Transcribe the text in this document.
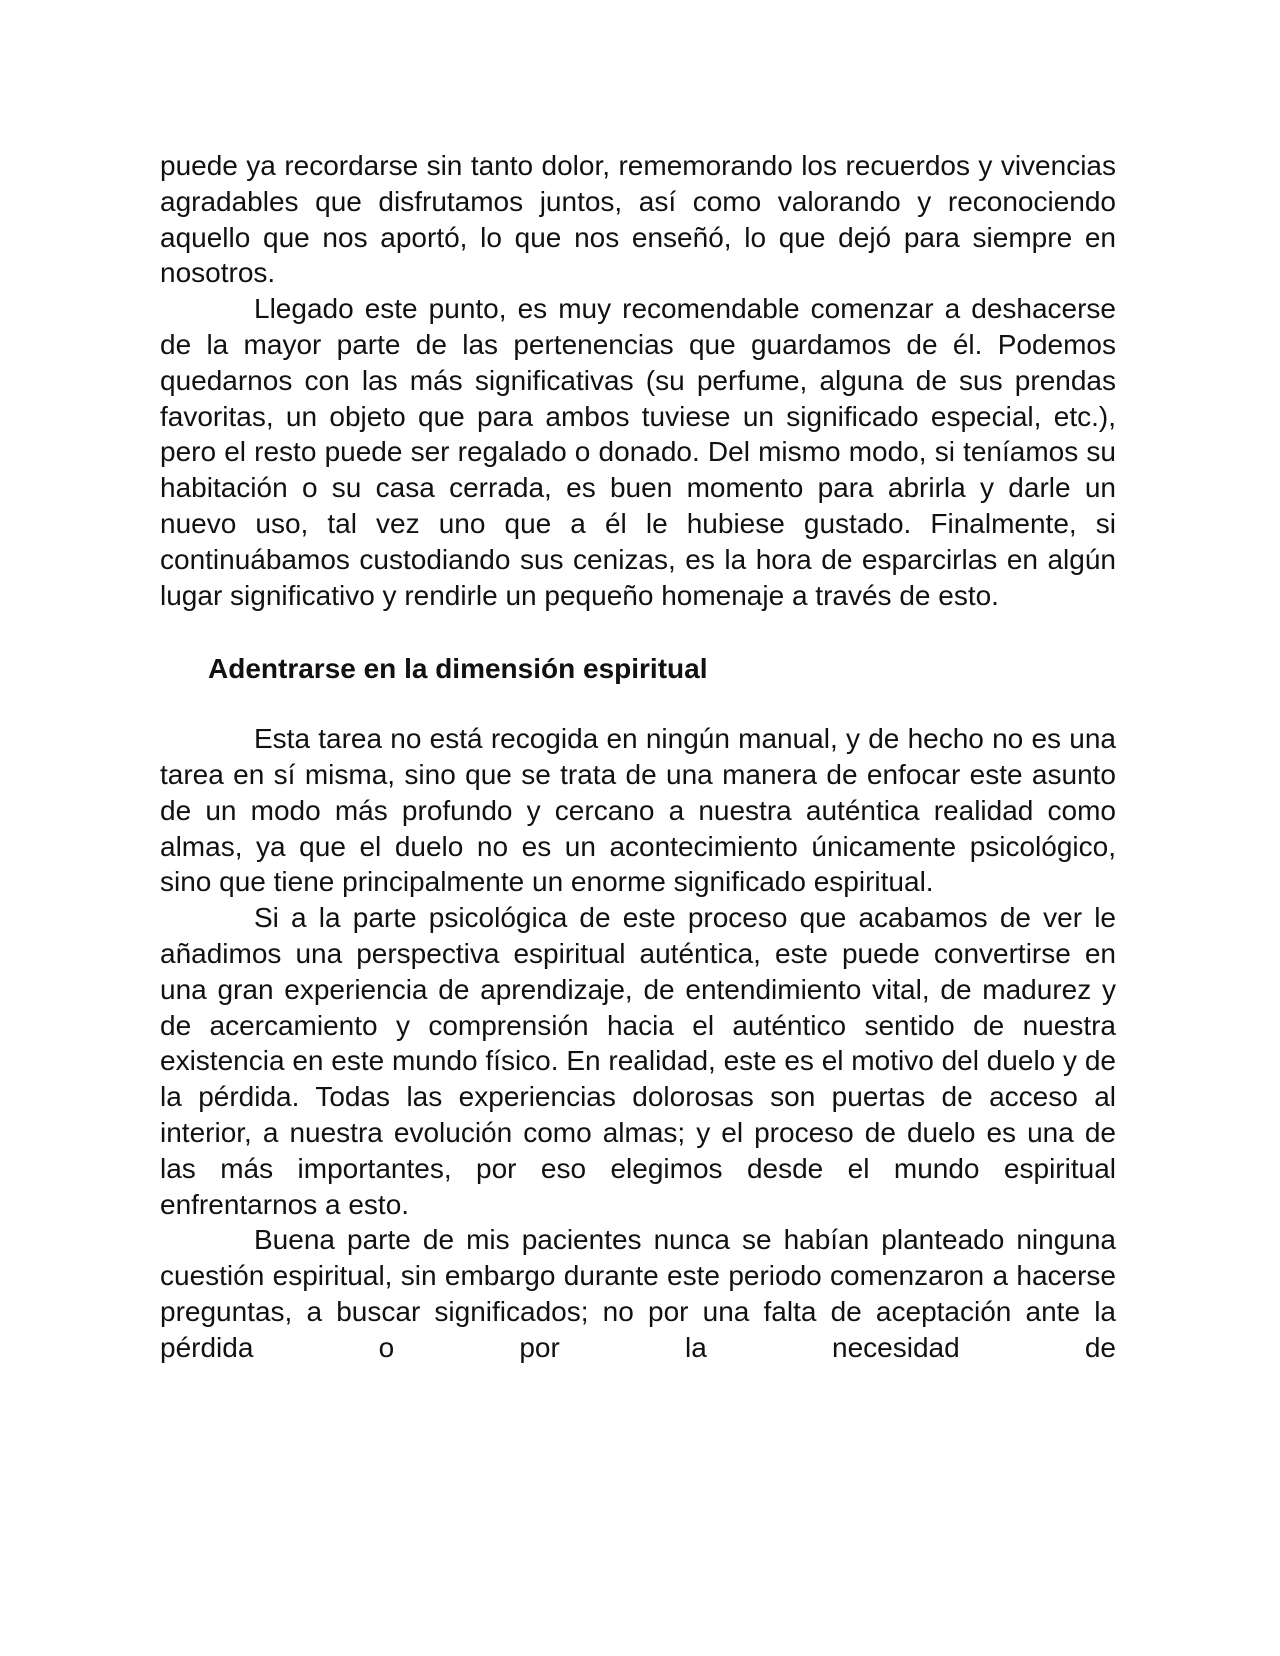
puede ya recordarse sin tanto dolor, rememorando los recuerdos y vivencias agradables que disfrutamos juntos, así como valorando y reconociendo aquello que nos aportó, lo que nos enseñó, lo que dejó para siempre en nosotros.

Llegado este punto, es muy recomendable comenzar a deshacerse de la mayor parte de las pertenencias que guardamos de él. Podemos quedarnos con las más significativas (su perfume, alguna de sus prendas favoritas, un objeto que para ambos tuviese un significado especial, etc.), pero el resto puede ser regalado o donado. Del mismo modo, si teníamos su habitación o su casa cerrada, es buen momento para abrirla y darle un nuevo uso, tal vez uno que a él le hubiese gustado. Finalmente, si continuábamos custodiando sus cenizas, es la hora de esparcirlas en algún lugar significativo y rendirle un pequeño homenaje a través de esto.

Adentrarse en la dimensión espiritual

Esta tarea no está recogida en ningún manual, y de hecho no es una tarea en sí misma, sino que se trata de una manera de enfocar este asunto de un modo más profundo y cercano a nuestra auténtica realidad como almas, ya que el duelo no es un acontecimiento únicamente psicológico, sino que tiene principalmente un enorme significado espiritual.

Si a la parte psicológica de este proceso que acabamos de ver le añadimos una perspectiva espiritual auténtica, este puede convertirse en una gran experiencia de aprendizaje, de entendimiento vital, de madurez y de acercamiento y comprensión hacia el auténtico sentido de nuestra existencia en este mundo físico. En realidad, este es el motivo del duelo y de la pérdida. Todas las experiencias dolorosas son puertas de acceso al interior, a nuestra evolución como almas; y el proceso de duelo es una de las más importantes, por eso elegimos desde el mundo espiritual enfrentarnos a esto.

Buena parte de mis pacientes nunca se habían planteado ninguna cuestión espiritual, sin embargo durante este periodo comenzaron a hacerse preguntas, a buscar significados; no por una falta de aceptación ante la pérdida o por la necesidad de
